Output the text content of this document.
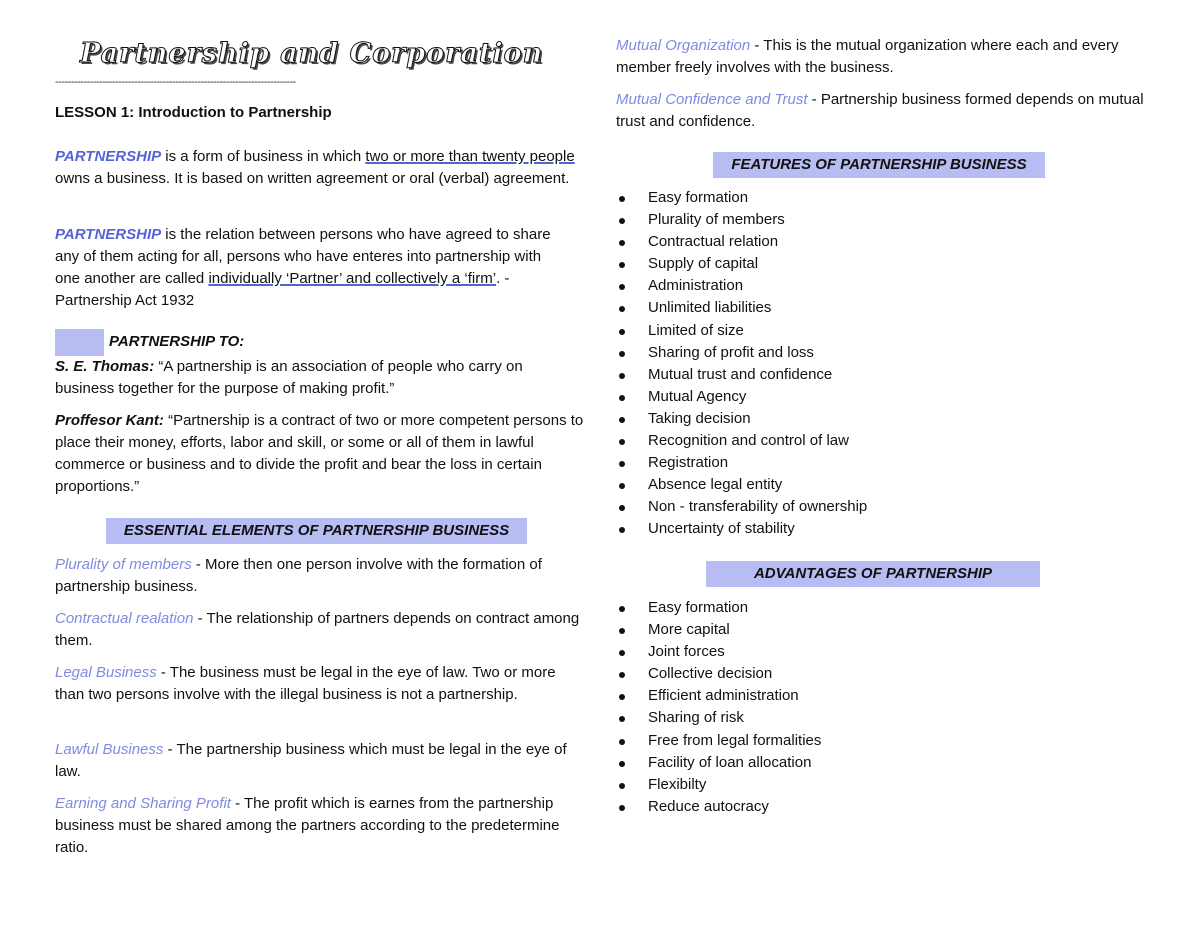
Partnership and Corporation
----------------------------------------------------------------------------
LESSON 1: Introduction to Partnership

PARTNERSHIP is a form of business in which two or more than twenty people owns a business. It is based on written agreement or oral (verbal) agreement.

PARTNERSHIP is the relation between persons who have agreed to share any of them acting for all, persons who have enteres into partnership with one another are called individually ‘Partner’ and collectively a ‘firm’. - Partnership Act 1932

PARTNERSHIP TO:

S. E. Thomas: “A partnership is an association of people who carry on business together for the purpose of making profit.”

Proffesor Kant: “Partnership is a contract of two or more competent persons to place their money, efforts, labor and skill, or some or all of them in lawful commerce or business and to divide the profit and bear the loss in certain proportions.”

ESSENTIAL ELEMENTS OF PARTNERSHIP BUSINESS

Plurality of members - More then one person involve with the formation of partnership business.

Contractual realation - The relationship of partners depends on contract among them.

Legal Business - The business must be legal in the eye of law. Two or more than two persons involve with the illegal business is not a partnership.

Lawful Business - The partnership business which must be legal in the eye of law.

Earning and Sharing Profit - The profit which is earnes from the partnership business must be shared among the partners according to the predetermine ratio.

Mutual Organization - This is the mutual organization where each and every member freely involves with the business.

Mutual Confidence and Trust - Partnership business formed depends on mutual trust and confidence.

FEATURES OF PARTNERSHIP BUSINESS
Easy formation
Plurality of members
Contractual relation
Supply of capital
Administration
Unlimited liabilities
Limited of size
Sharing of profit and loss
Mutual trust and confidence
Mutual Agency
Taking decision
Recognition and control of law
Registration
Absence legal entity
Non - transferability of ownership
Uncertainty of stability
ADVANTAGES OF PARTNERSHIP
Easy formation
More capital
Joint forces
Collective decision
Efficient administration
Sharing of risk
Free from legal formalities
Facility of loan allocation
Flexibilty
Reduce autocracy
